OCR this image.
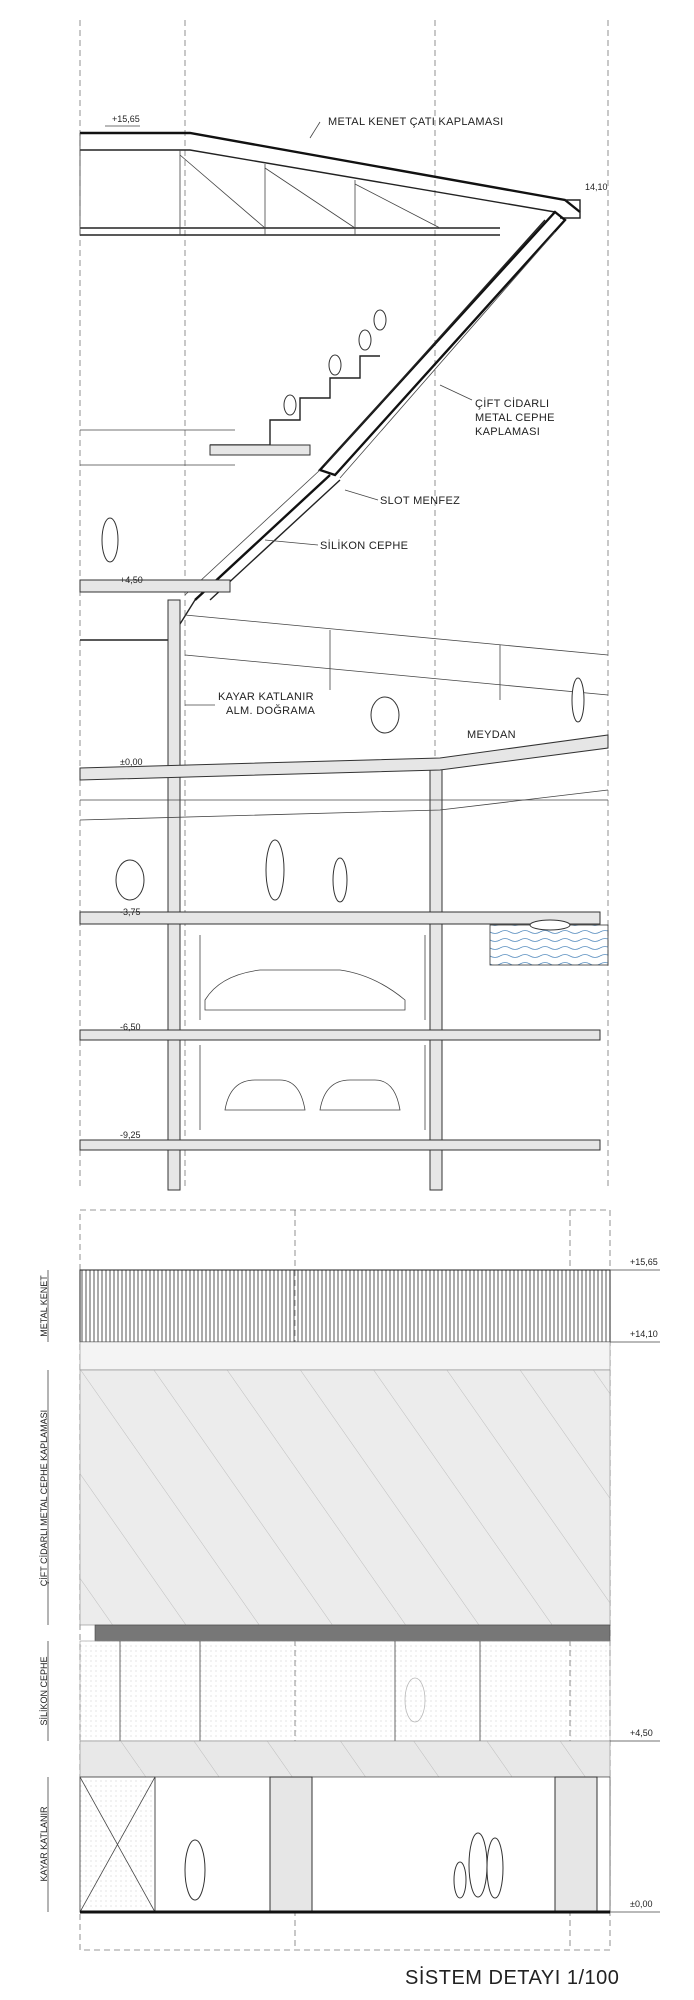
+15,65
14,10
+4,50
±0,00
-3,75
-6,50
-9,25
METAL KENET ÇATI KAPLAMASI
ÇİFT CİDARLI
METAL CEPHE
KAPLAMASI
SLOT MENFEZ
SİLİKON CEPHE
KAYAR KATLANIR
ALM. DOĞRAMA
MEYDAN
METAL KENET
ÇİFT CİDARLI METAL CEPHE KAPLAMASI
SİLİKON CEPHE
KAYAR KATLANIR
+15,65
+14,10
+4,50
±0,00
SİSTEM DETAYI 1/100
